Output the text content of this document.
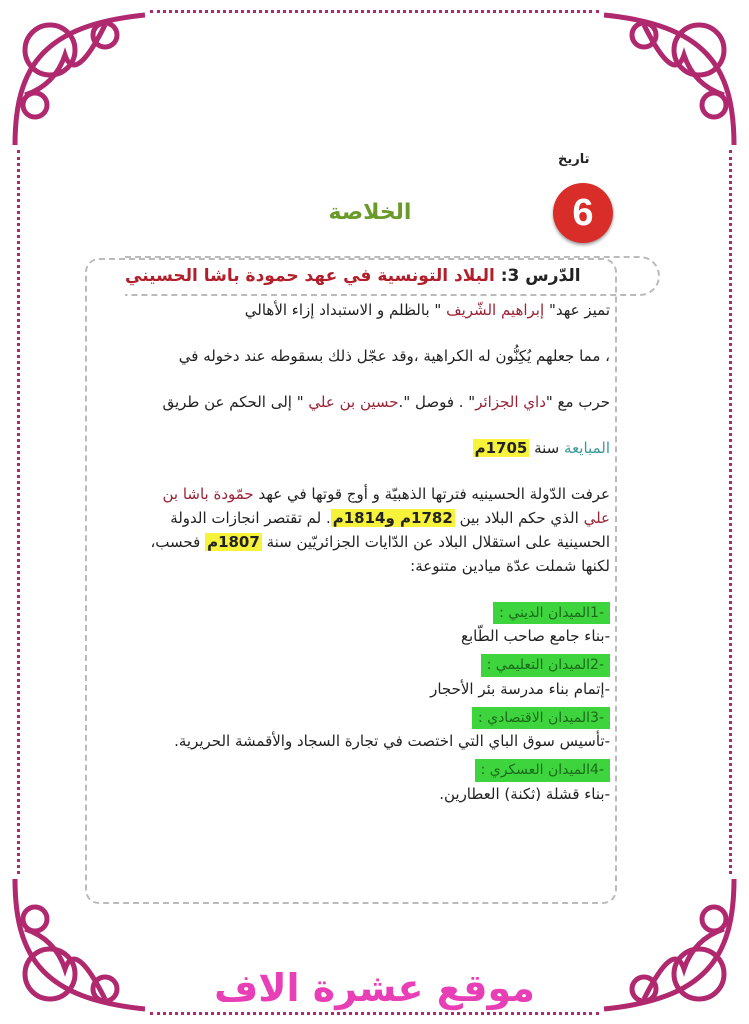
تاريخ
6
الخلاصة
الدّرس 3:

البلاد التونسية في عهد حمودة باشا الحسيني
تميز عهد" إبراهيم الشّريف " بالظلم و الاستبداد إزاء الأهالي
، مما جعلهم يُكِنُّون له الكراهية ،وقد عجّل ذلك بسقوطه عند دخوله في
حرب مع "داي الجزائر" . فوصل ".حسين بن علي " إلى الحكم عن طريق
المبايعة سنة 1705م
عرفت الدّولة الحسينيه فترتها الذهبيّة و أوج قوتها في عهد حمّودة باشا بن علي الذي حكم البلاد بين 1782م و1814م. لم تقتصر انجازات الدولة الحسينية على استقلال البلاد عن الدّايات الجزائريّين سنة 1807م فحسب، لكنها شملت عدّة ميادين متنوعة:
-1الميدان الديني :
-بناء جامع صاحب الطّابع
-2الميدان التعليمي :
-إتمام بناء مدرسة بئر الأحجار
-3الميدان الاقتصادي :
-تأسيس سوق الباي التي اختصت في تجارة السجاد والأقمشة الحريرية.
-4الميدان العسكري :
-بناء قشلة (ثكنة) العطارين.
موقع عشرة الاف
